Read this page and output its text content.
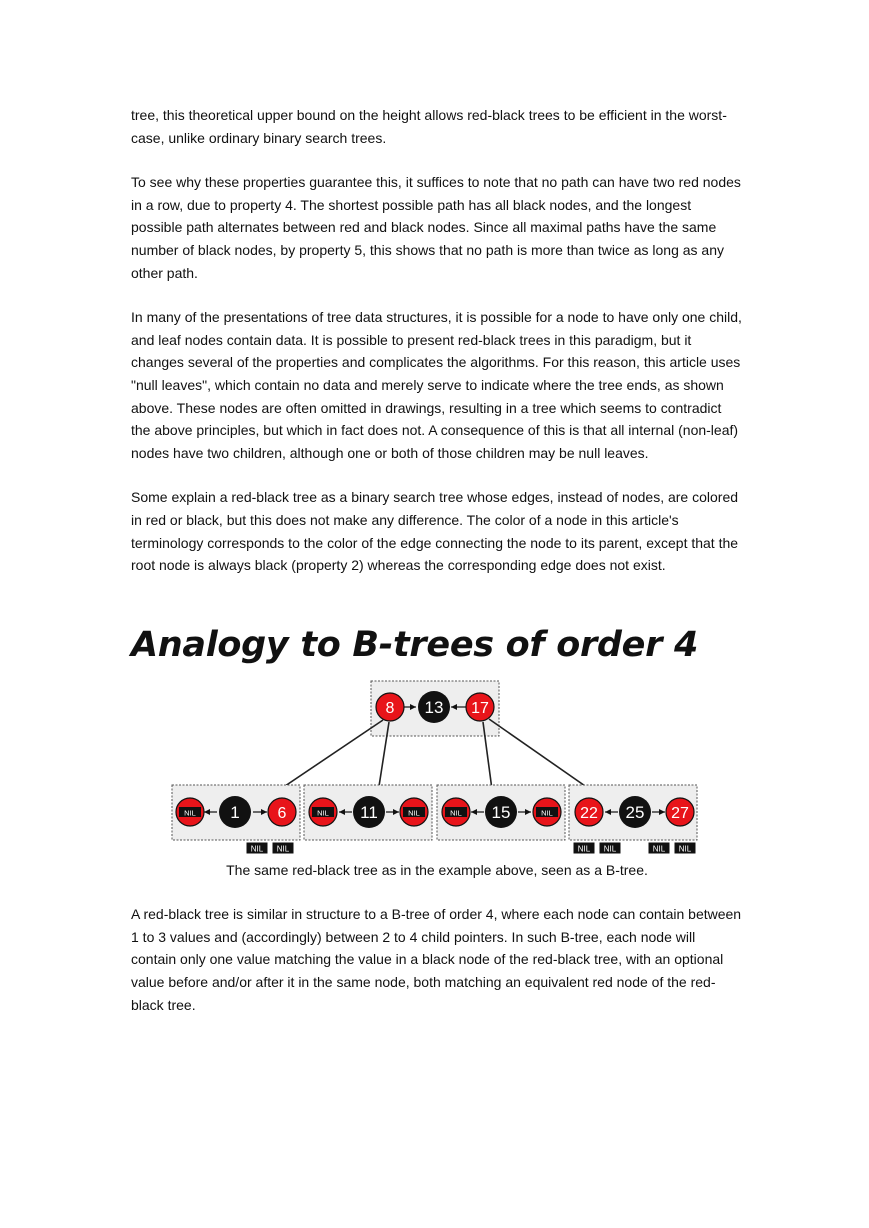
tree, this theoretical upper bound on the height allows red-black trees to be efficient in the worst-case, unlike ordinary binary search trees.

To see why these properties guarantee this, it suffices to note that no path can have two red nodes in a row, due to property 4. The shortest possible path has all black nodes, and the longest possible path alternates between red and black nodes. Since all maximal paths have the same number of black nodes, by property 5, this shows that no path is more than twice as long as any other path.

In many of the presentations of tree data structures, it is possible for a node to have only one child, and leaf nodes contain data. It is possible to present red-black trees in this paradigm, but it changes several of the properties and complicates the algorithms. For this reason, this article uses "null leaves", which contain no data and merely serve to indicate where the tree ends, as shown above. These nodes are often omitted in drawings, resulting in a tree which seems to contradict the above principles, but which in fact does not. A consequence of this is that all internal (non-leaf) nodes have two children, although one or both of those children may be null leaves.

Some explain a red-black tree as a binary search tree whose edges, instead of nodes, are colored in red or black, but this does not make any difference. The color of a node in this article's terminology corresponds to the color of the edge connecting the node to its parent, except that the root node is always black (property 2) whereas the corresponding edge does not exist.

Analogy to B-trees of order 4
8 13 17
NIL 1 6	NIL 11	NIL	NIL 15	NIL 22 25 27
NIL NIL	NIL NIL	NIL NIL

The same red-black tree as in the example above, seen as a B-tree.

A red-black tree is similar in structure to a B-tree of order 4, where each node can contain between 1 to 3 values and (accordingly) between 2 to 4 child pointers. In such B-tree, each node will contain only one value matching the value in a black node of the red-black tree, with an optional value before and/or after it in the same node, both matching an equivalent red node of the red-black tree.
